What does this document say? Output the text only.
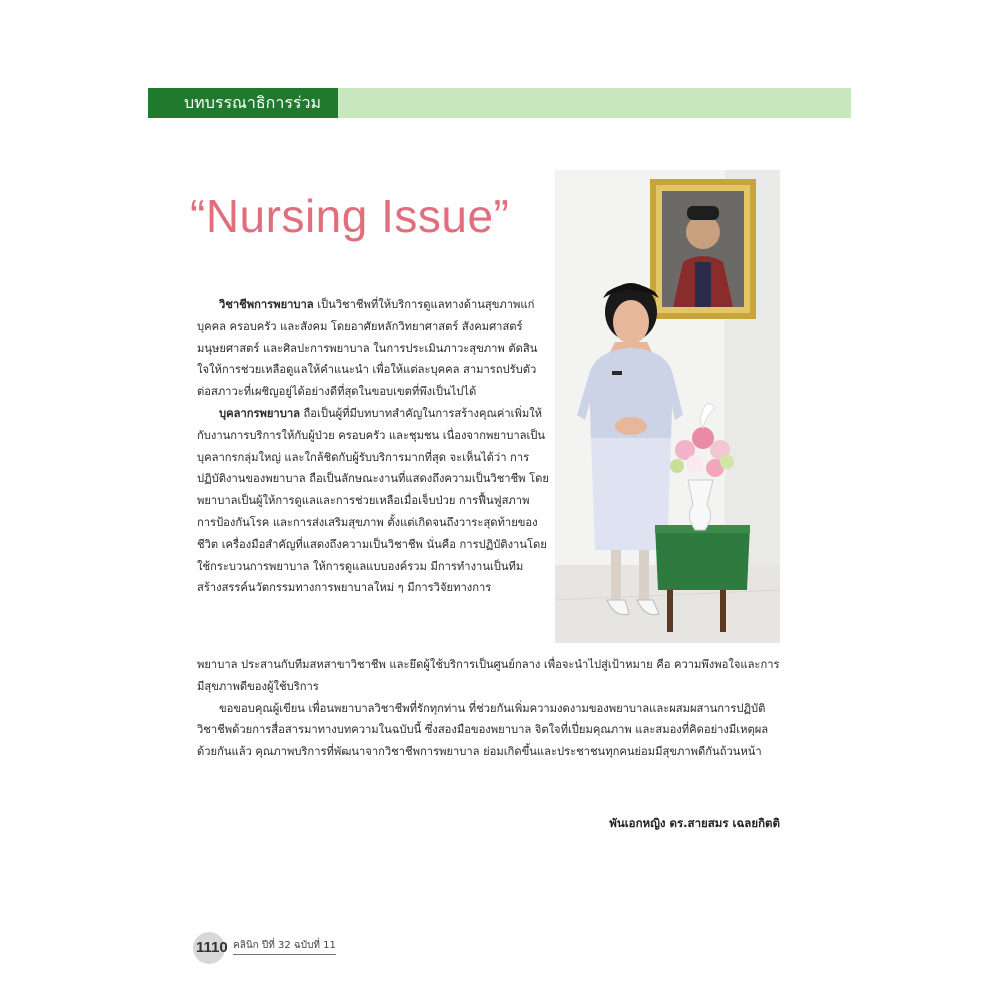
บทบรรณาธิการร่วม
“Nursing Issue”

วิชาชีพการพยาบาล เป็นวิชาชีพที่ให้บริการดูแลทางด้านสุขภาพแก่บุคคล ครอบครัว และสังคม โดยอาศัยหลักวิทยาศาสตร์ สังคมศาสตร์ มนุษยศาสตร์ และศิลปะการพยาบาล ในการประเมินภาวะสุขภาพ ตัดสินใจให้การช่วยเหลือดูแลให้คำแนะนำ เพื่อให้แต่ละบุคคล สามารถปรับตัวต่อสภาวะที่เผชิญอยู่ได้อย่างดีที่สุดในขอบเขตที่พึงเป็นไปได้

บุคลากรพยาบาล ถือเป็นผู้ที่มีบทบาทสำคัญในการสร้างคุณค่าเพิ่มให้กับงานการบริการให้กับผู้ป่วย ครอบครัว และชุมชน เนื่องจากพยาบาลเป็นบุคลากรกลุ่มใหญ่ และใกล้ชิดกับผู้รับบริการมากที่สุด จะเห็นได้ว่า การปฏิบัติงานของพยาบาล ถือเป็นลักษณะงานที่แสดงถึงความเป็นวิชาชีพ โดยพยาบาลเป็นผู้ให้การดูแลและการช่วยเหลือเมื่อเจ็บป่วย การฟื้นฟูสภาพ การป้องกันโรค และการส่งเสริมสุขภาพ ตั้งแต่เกิดจนถึงวาระสุดท้ายของชีวิต เครื่องมือสำคัญที่แสดงถึงความเป็นวิชาชีพ นั่นคือ การปฏิบัติงานโดยใช้กระบวนการพยาบาล ให้การดูแลแบบองค์รวม มีการทำงานเป็นทีม สร้างสรรค์นวัตกรรมทางการพยาบาลใหม่ ๆ มีการวิจัยทางการ

พยาบาล ประสานกับทีมสหสาขาวิชาชีพ และยึดผู้ใช้บริการเป็นศูนย์กลาง เพื่อจะนำไปสู่เป้าหมาย คือ ความพึงพอใจและการมีสุขภาพดีของผู้ใช้บริการ

ขอขอบคุณผู้เขียน เพื่อนพยาบาลวิชาชีพที่รักทุกท่าน ที่ช่วยกันเพิ่มความงดงามของพยาบาลและผสมผสานการปฏิบัติวิชาชีพด้วยการสื่อสารมาทางบทความในฉบับนี้ ซึ่งสองมือของพยาบาล จิตใจที่เปี่ยมคุณภาพ และสมองที่คิดอย่างมีเหตุผลด้วยกันแล้ว คุณภาพบริการที่พัฒนาจากวิชาชีพการพยาบาล ย่อมเกิดขึ้นและประชาชนทุกคนย่อมมีสุขภาพดีกันถ้วนหน้า

พันเอกหญิง ดร.สายสมร เฉลยกิตติ
1110 คลินิก ปีที่ 32 ฉบับที่ 11
